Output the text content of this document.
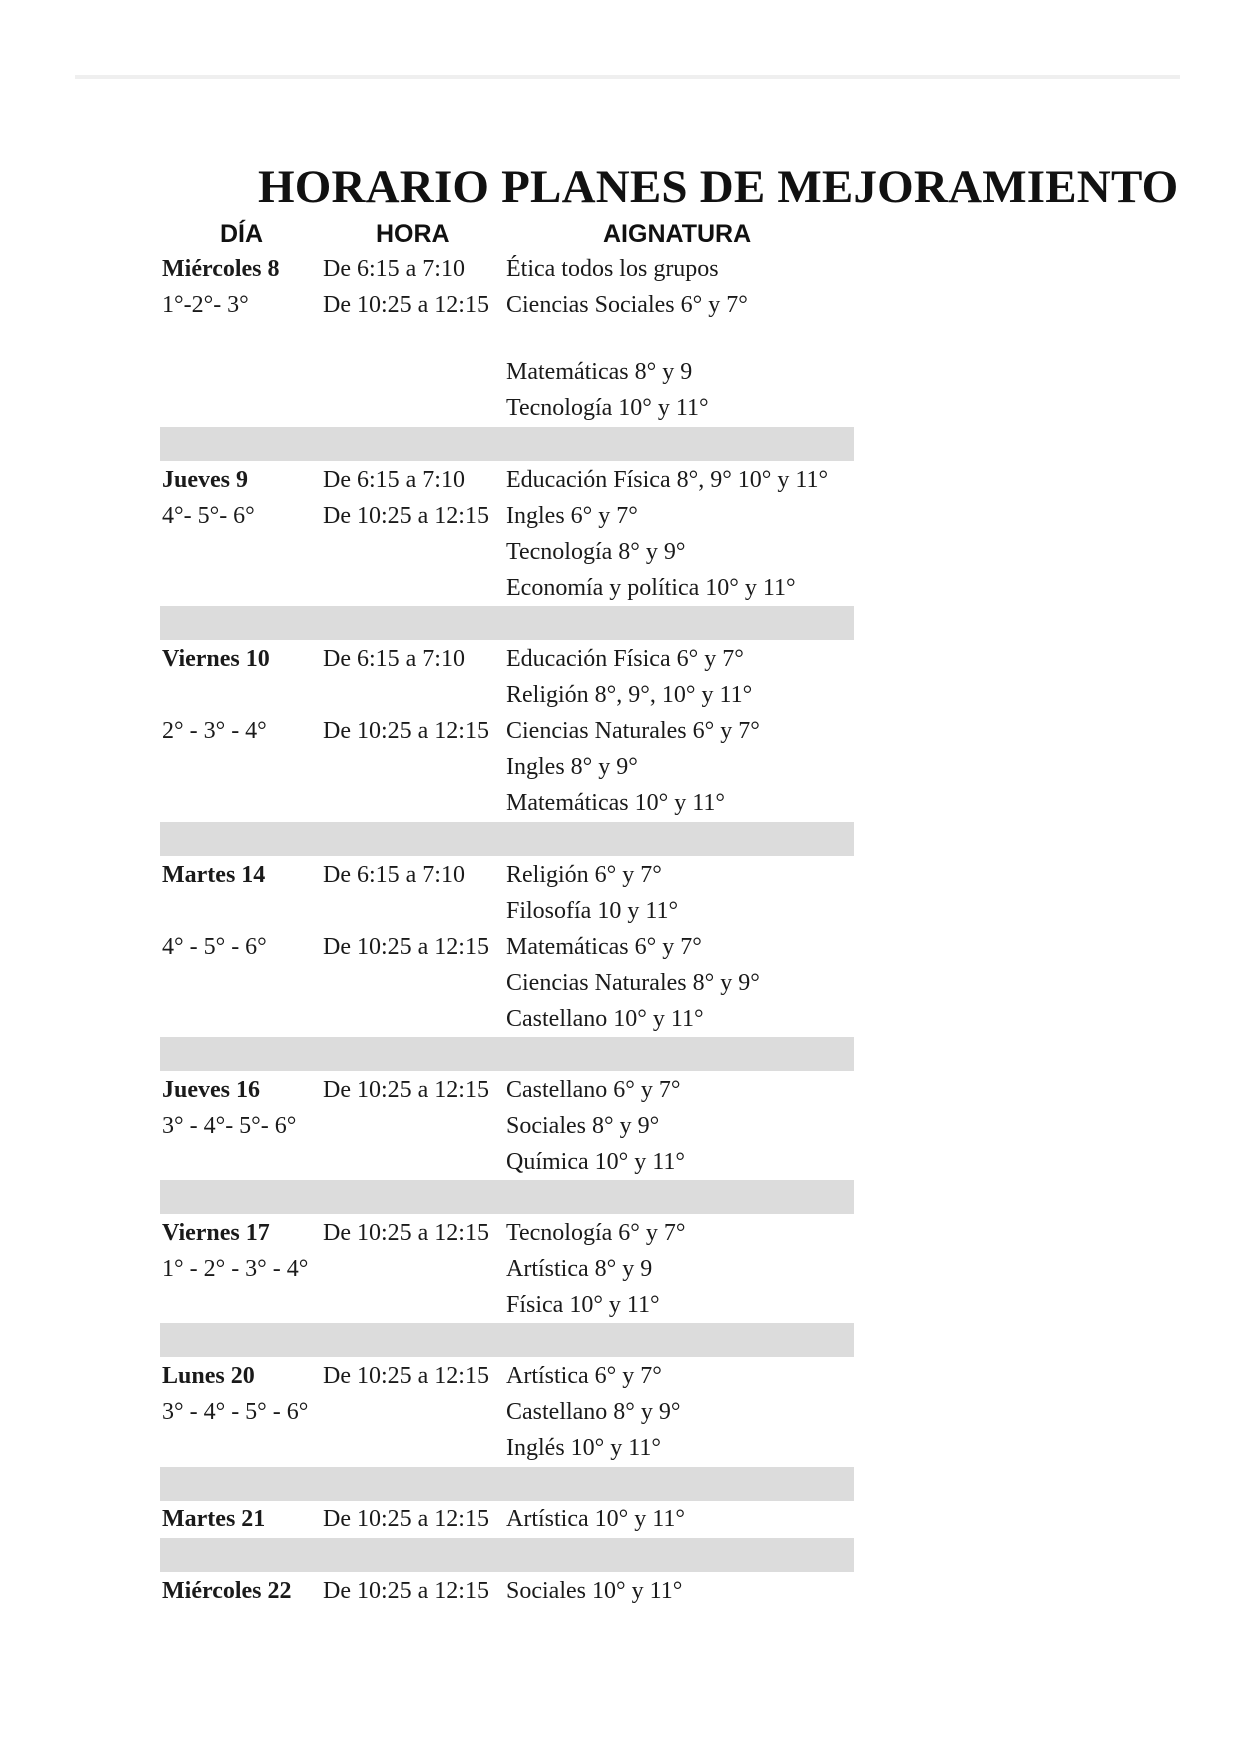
HORARIO PLANES DE MEJORAMIENTO
DÍA	HORA	AIGNATURA
Miércoles 8
1°-2°- 3°
De 6:15 a 7:10
De 10:25 a 12:15
Ética todos los grupos
Ciencias Sociales 6° y 7°
Matemáticas 8° y 9
Tecnología 10° y 11°
Jueves 9
4°- 5°- 6°
De 6:15 a 7:10
De 10:25 a 12:15
Educación Física 8°, 9° 10° y 11°
Ingles 6° y 7°
Tecnología 8° y 9°
Economía y política 10° y 11°
Viernes 10
2° - 3° - 4°
De 6:15 a 7:10
De 10:25 a 12:15
Educación Física 6° y 7°
Religión 8°, 9°, 10° y 11°
Ciencias Naturales 6° y 7°
Ingles 8° y 9°
Matemáticas 10° y 11°
Martes 14
4° - 5° - 6°
De 6:15 a 7:10
De 10:25 a 12:15
Religión 6° y 7°
Filosofía 10 y 11°
Matemáticas 6° y 7°
Ciencias Naturales 8° y 9°
Castellano 10° y 11°
Jueves 16
3° - 4°- 5°- 6°
De 10:25 a 12:15 Castellano 6° y 7°
Sociales 8° y 9°
Química 10° y 11°
Viernes 17
1° - 2° - 3° - 4°
De 10:25 a 12:15 Tecnología 6° y 7°
Artística 8° y 9
Física 10° y 11°
Lunes 20
3° - 4° - 5° - 6°
De 10:25 a 12:15 Artística 6° y 7°
Castellano 8° y 9°
Inglés 10° y 11°
Martes 21 De 10:25 a 12:15 Artística 10° y 11°
Miércoles 22 De 10:25 a 12:15 Sociales 10° y 11°
